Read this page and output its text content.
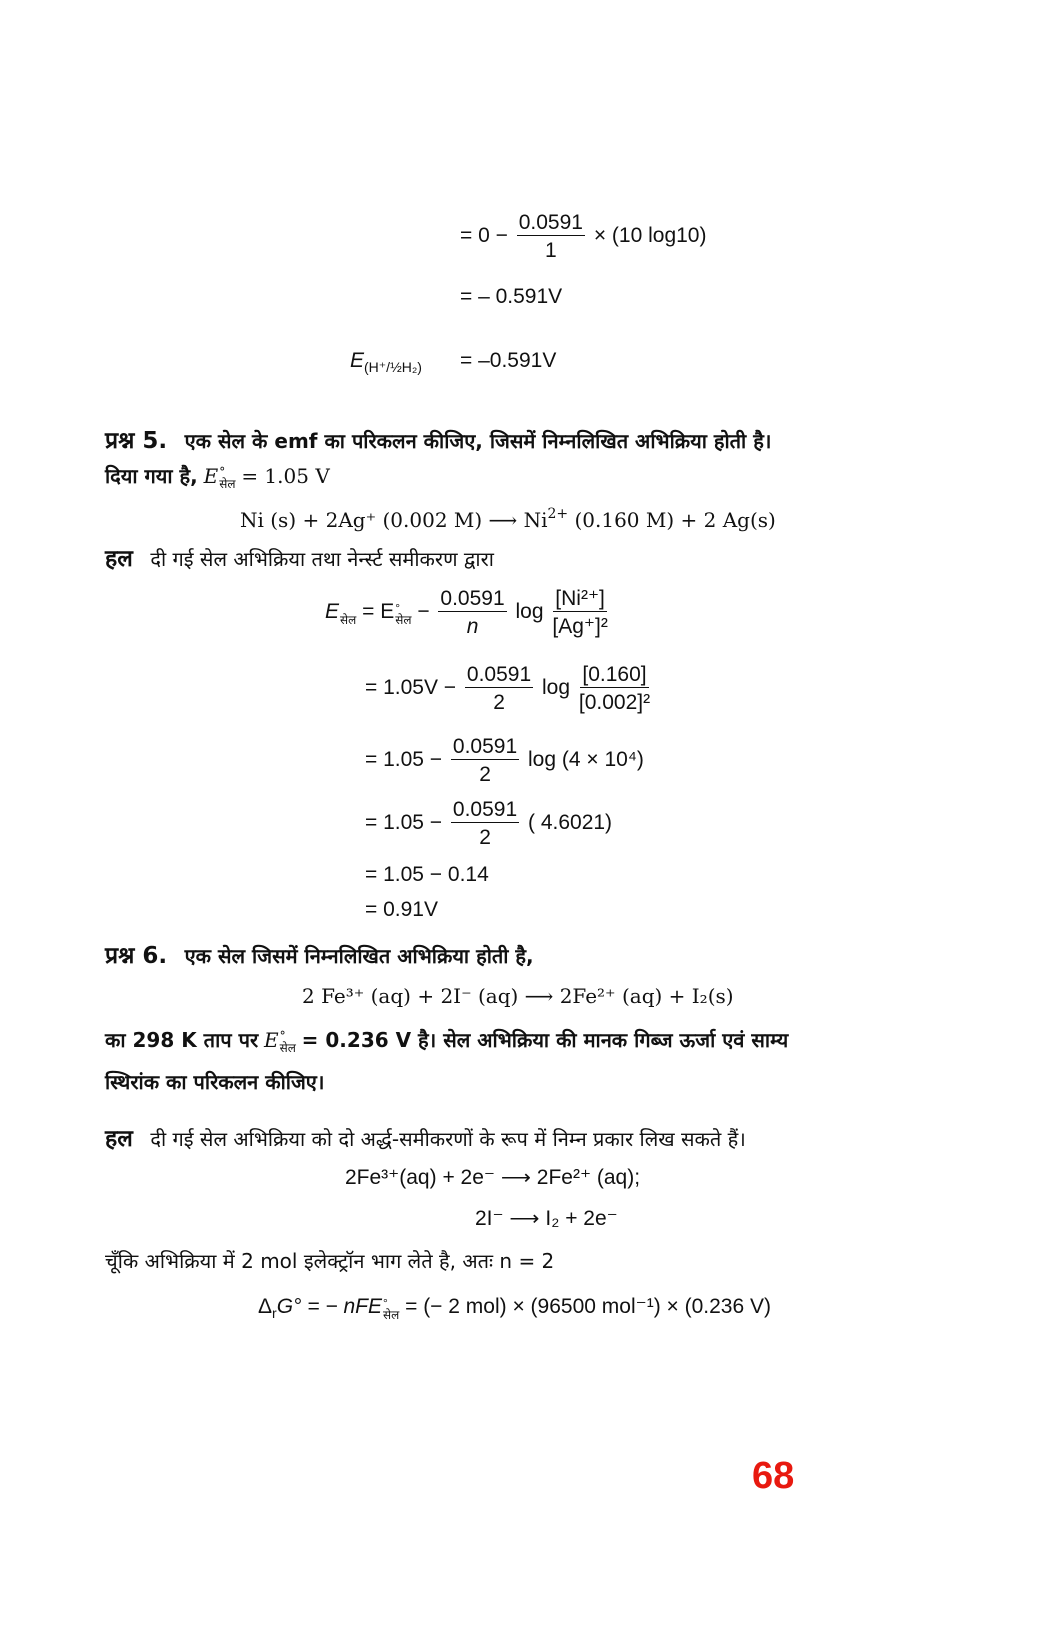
= $0 - \frac{0.0591}{1} \times (10$ log10)
= – 0.591V
$E_{(H^+/\frac{1}{2}H_2)} = -0.591V$
प्रश्न 5. एक सेल के emf का परिकलन कीजिए, जिसमें निम्नलिखित अभिक्रिया होती है।
दिया गया है, E °
सेल = 1.05 V
Ni (s) + 2Ag⁺ (0.002 M) ⟶ $Ni^{2+}$ (0.160 M) + 2 Ag(s)
हल दी गई सेल अभिक्रिया तथा नेर्न्स्ट समीकरण द्वारा
E सेल
= E °
सेल − $\frac{0.0591}{n}$ $\log \frac{\text{[Ni²⁺]}}{\text{[Ag⁺]²}}$
= $1.05V - \frac{0.0591}{2}$ $\log \frac{[0.160]}{\text{[0.002]²}}$
= $1.05 - \frac{0.0591}{2}$ log (4 × 10⁴)
= $1.05 - \frac{0.0591}{2}$ ( 4.6021)
= 1.05 − 0.14
= 0.91V
प्रश्न 6. एक सेल जिसमें निम्नलिखित अभिक्रिया होती है,
2 Fe³⁺ (aq) + 2I⁻ (aq) ⟶ 2Fe²⁺ (aq) + I₂(s)
का 298 K ताप पर E °
सेल = 0.236 V है। सेल अभिक्रिया की मानक गिब्ज ऊर्जा एवं साम्य
स्थिरांक का परिकलन कीजिए।
हल दी गई सेल अभिक्रिया को दो अर्द्ध-समीकरणों के रूप में निम्न प्रकार लिख सकते हैं।
2Fe³⁺(aq) + 2e⁻ ⟶ 2Fe²⁺ (aq);
2I⁻ ⟶ I₂ + 2e⁻
चूँकि अभिक्रिया में 2 mol इलेक्ट्रॉन भाग लेते है, अतः n = 2
$\Delta_rG^\circ$ = − nF E °
सेल = (− 2 mol) × (96500 mol⁻¹) × (0.236 V)
68
